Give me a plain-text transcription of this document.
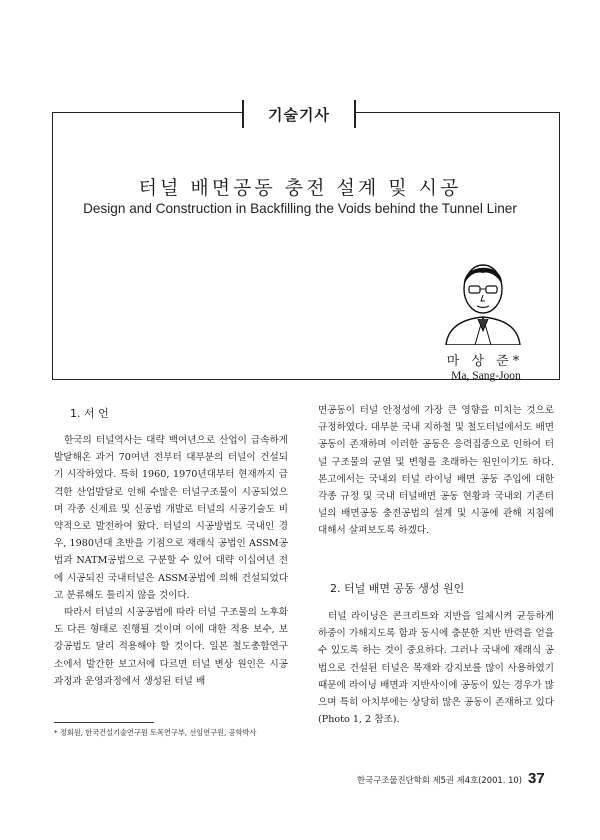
기술기사
터널 배면공동 충전 설계 및 시공
Design and Construction in Backfilling the Voids behind the Tunnel Liner
마 상 준*
Ma, Sang-Joon
1. 서 언

한국의 터널역사는 대략 백여년으로 산업이 급속하게 발달해온 과거 70여년 전부터 대부분의 터널이 건설되기 시작하였다. 특히 1960, 1970년대부터 현재까지 급격한 산업발달로 인해 수많은 터널구조물이 시공되었으며 각종 신제료 및 신공법 개발로 터널의 시공기술도 비약적으로 발전하여 왔다. 터널의 시공방법도 국내인 경우, 1980년대 초반을 기점으로 재래식 공법인 ASSM공법과 NATM공법으로 구분할 수 있어 대략 이십여년 전에 시공되진 국내터널은 ASSM공법에 의해 건설되었다고 분류해도 틀리지 않을 것이다.

따라서 터널의 시공공법에 따라 터널 구조물의 노후화도 다른 형태로 진행될 것이며 이에 대한 적용 보수, 보강공법도 달리 적용해야 할 것이다. 일본 철도총합연구소에서 발간한 보고서에 다르면 터널 변상 원인은 시공과정과 운영과정에서 생성된 터널 배

면공동이 터널 안정성에 가장 큰 영향을 미치는 것으로 규정하였다. 대부분 국내 지하철 및 철도터널에서도 배면공동이 존재하며 이러한 공동은 응력집중으로 인하여 터널 구조물의 균열 및 변형을 초래하는 원인이기도 하다. 본고에서는 국내외 터널 라이닝 배면 공동 주입에 대한 각종 규정 및 국내 터널배면 공동 현황과 국내외 기존터널의 배면공동 충전공법의 설계 및 시공에 관해 지침에 대해서 살펴보도록 하겠다.

2. 터널 배면 공동 생성 원인

터널 라이닝은 콘크리트와 지반을 일체시켜 균등하게 하중이 가해지도록 함과 동시에 충분한 지반 반력을 얻을 수 있도록 하는 것이 중요하다. 그러나 국내에 재래식 공법으로 건설된 터널은 목재와 강지보를 많이 사용하였기 때문에 라이닝 배면과 지반사이에 공동이 있는 경우가 많으며 특히 아치부에는 상당히 많은 공동이 존재하고 있다(Photo 1, 2 참조).

* 정회원, 한국건설기술연구원 토목연구부, 선임연구원, 공학박사
한국구조물진단학회 제5권 제4호(2001. 10) 37
